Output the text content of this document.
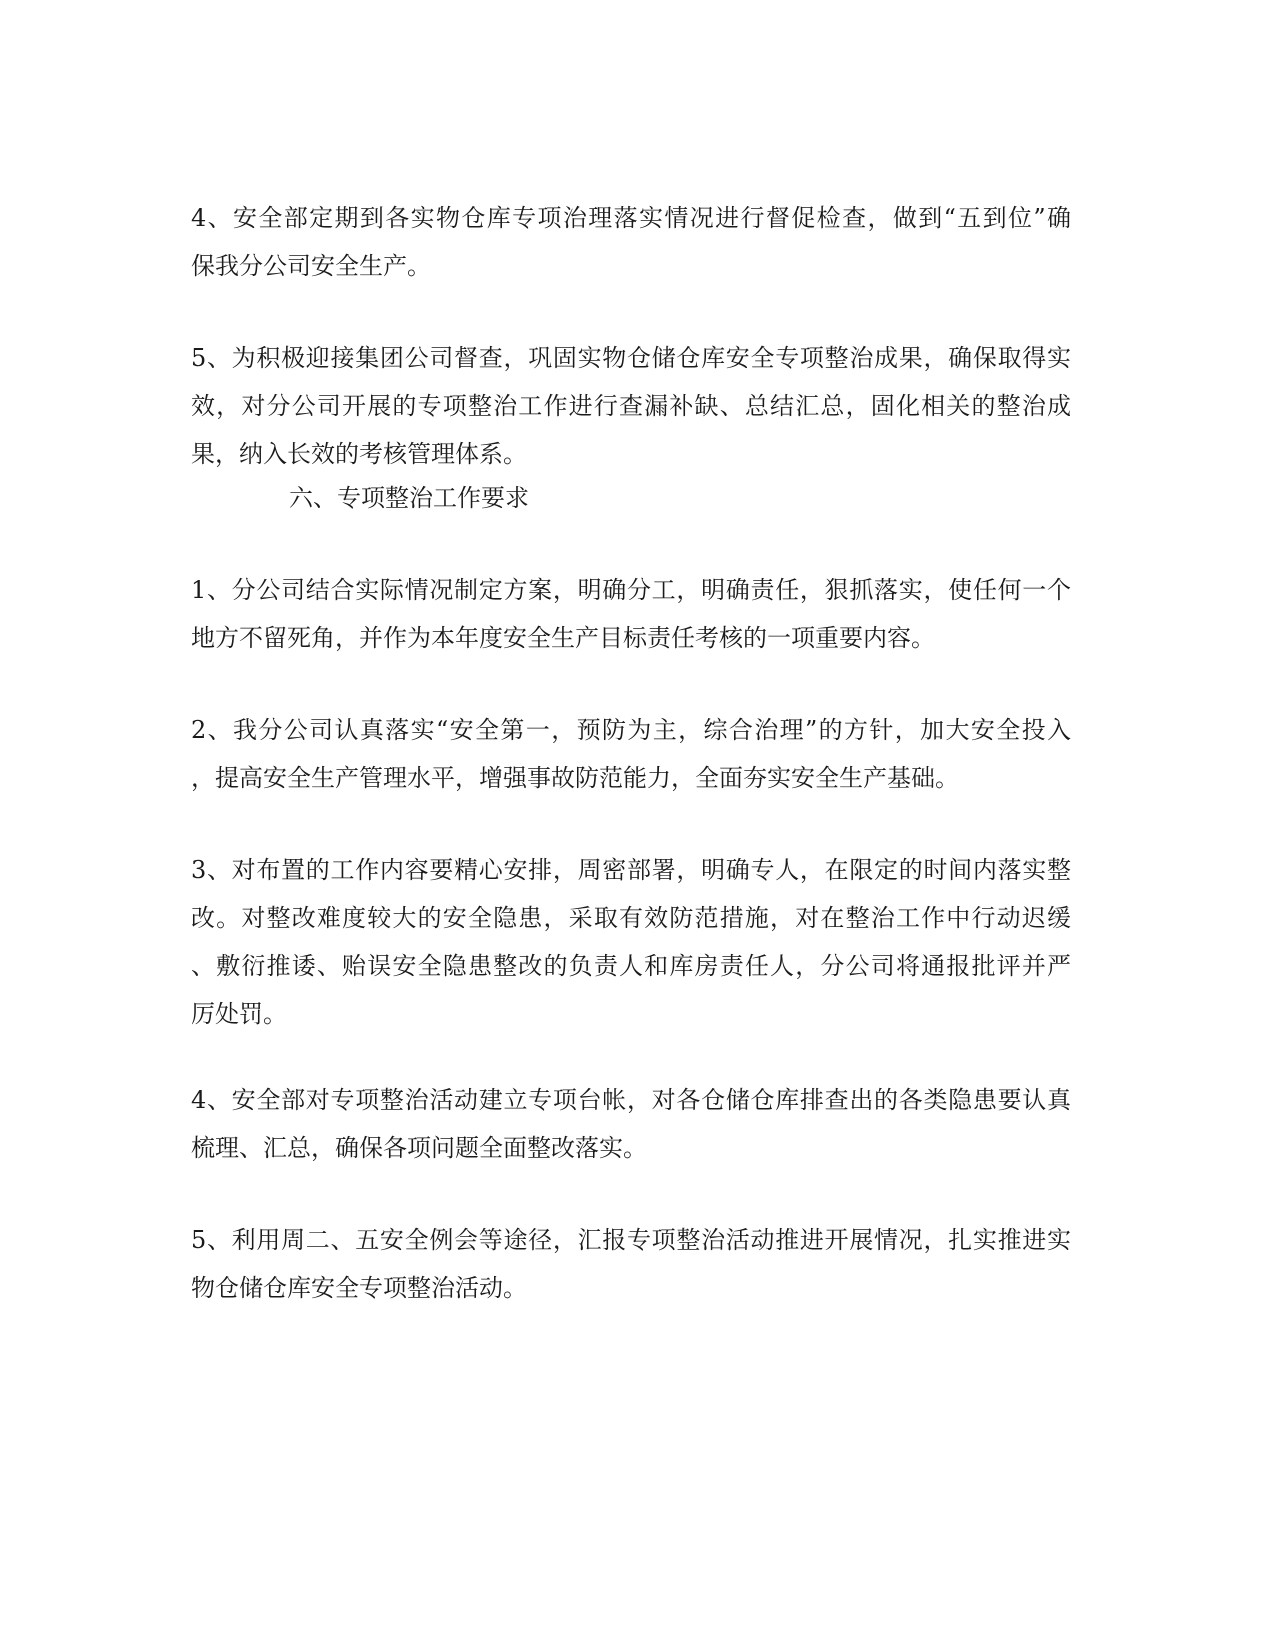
4、安全部定期到各实物仓库专项治理落实情况进行督促检查，做到“五到位”确
保我分公司安全生产。

5、为积极迎接集团公司督查，巩固实物仓储仓库安全专项整治成果，确保取得实
效，对分公司开展的专项整治工作进行查漏补缺、总结汇总，固化相关的整治成
果，纳入长效的考核管理体系。

六、专项整治工作要求

1、分公司结合实际情况制定方案，明确分工，明确责任，狠抓落实，使任何一个
地方不留死角，并作为本年度安全生产目标责任考核的一项重要内容。

2、我分公司认真落实“安全第一，预防为主，综合治理”的方针，加大安全投入
，提高安全生产管理水平，增强事故防范能力，全面夯实安全生产基础。

3、对布置的工作内容要精心安排，周密部署，明确专人，在限定的时间内落实整
改。对整改难度较大的安全隐患，采取有效防范措施，对在整治工作中行动迟缓
、敷衍推诿、贻误安全隐患整改的负责人和库房责任人，分公司将通报批评并严
厉处罚。

4、安全部对专项整治活动建立专项台帐，对各仓储仓库排查出的各类隐患要认真
梳理、汇总，确保各项问题全面整改落实。

5、利用周二、五安全例会等途径，汇报专项整治活动推进开展情况，扎实推进实
物仓储仓库安全专项整治活动。
